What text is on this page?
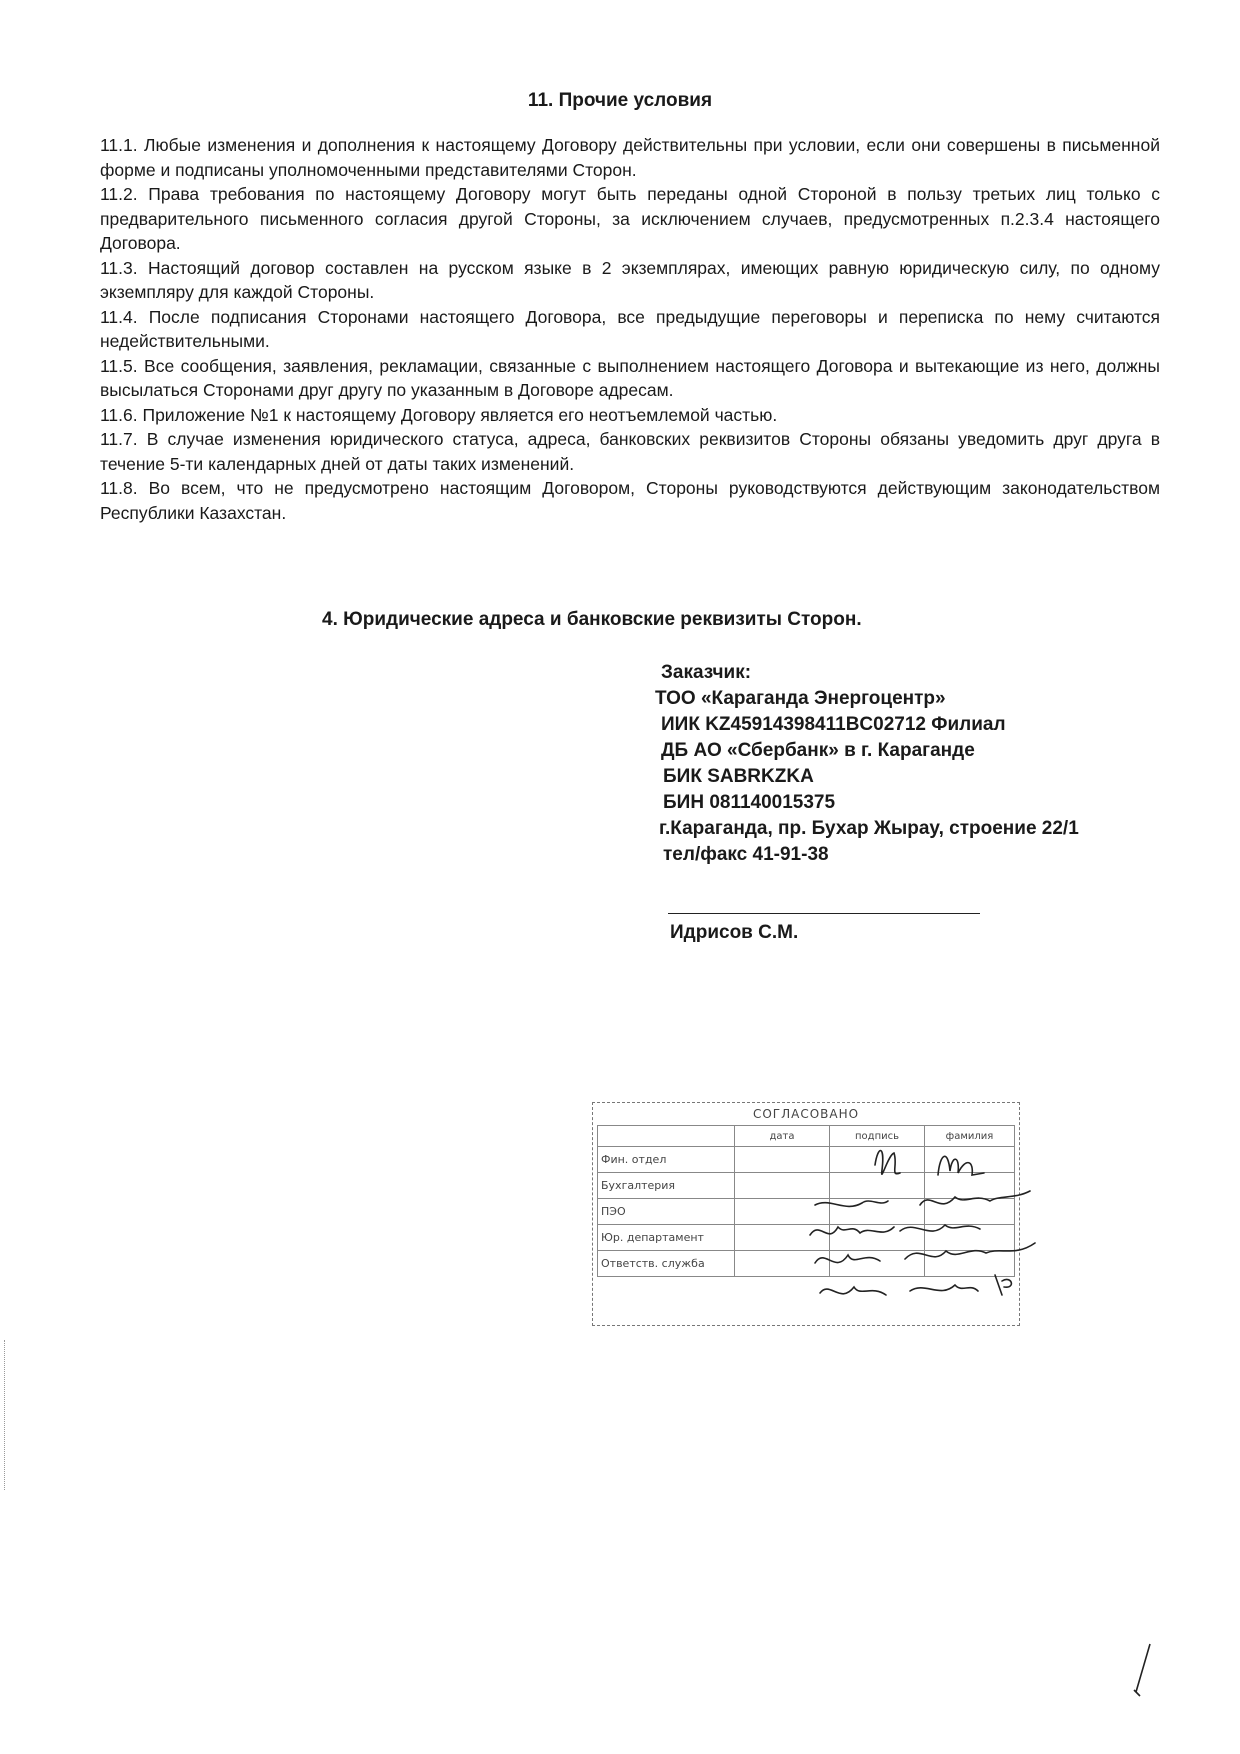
11. Прочие условия

11.1. Любые изменения и дополнения к настоящему Договору действительны при условии, если они совершены в письменной форме и подписаны уполномоченными представителями Сторон.

11.2. Права требования по настоящему Договору могут быть переданы одной Стороной в пользу третьих лиц только с предварительного письменного согласия другой Стороны, за исключением случаев, предусмотренных п.2.3.4 настоящего Договора.

11.3. Настоящий договор составлен на русском языке в 2 экземплярах, имеющих равную юридическую силу, по одному экземпляру для каждой Стороны.

11.4. После подписания Сторонами настоящего Договора, все предыдущие переговоры и переписка по нему считаются недействительными.

11.5. Все сообщения, заявления, рекламации, связанные с выполнением настоящего Договора и вытекающие из него, должны высылаться Сторонами друг другу по указанным в Договоре адресам.

11.6. Приложение №1 к настоящему Договору является его неотъемлемой частью.

11.7. В случае изменения юридического статуса, адреса, банковских реквизитов Стороны обязаны уведомить друг друга в течение 5-ти календарных дней от даты таких изменений.

11.8. Во всем, что не предусмотрено настоящим Договором, Стороны руководствуются действующим законодательством Республики Казахстан.

4. Юридические адреса и банковские реквизиты Сторон.
Заказчик:
ТОО «Караганда Энергоцентр»
ИИК KZ45914398411BC02712 Филиал
ДБ АО «Сбербанк» в г. Караганде
БИК SABRKZKA
БИН 081140015375
г.Караганда, пр. Бухар Жырау, строение 22/1
тел/факс 41-91-38
Идрисов С.М.
СОГЛАСОВАНО
	дата	подпись	фамилия
Фин. отдел			
Бухгалтерия			
ПЭО			
Юр. департамент			
Ответств. служба			
